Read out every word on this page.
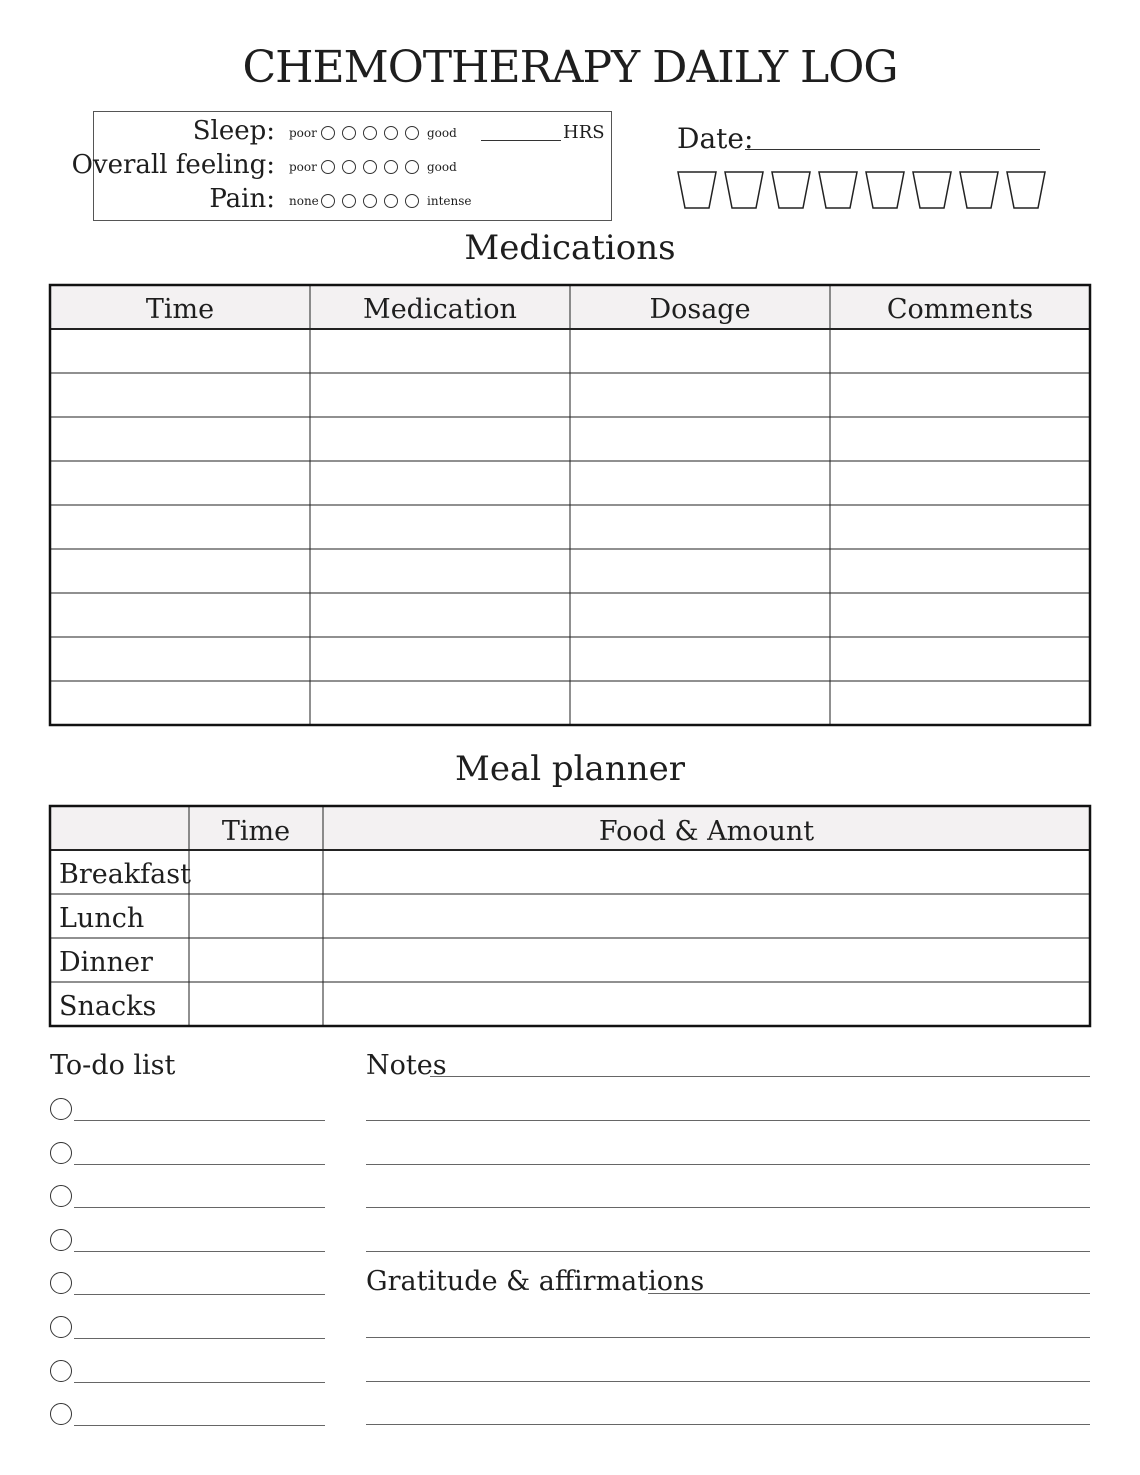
CHEMOTHERAPY DAILY LOG
HRS
Sleep: poor	good
Overall feeling: poor	good
Pain: none	intense
Date:
Medications
Time	Medication	Dosage	Comments
Meal planner
Time	Food & Amount
Breakfast
Lunch
Dinner
Snacks
To-do list	Notes
Gratitude & affirmations
